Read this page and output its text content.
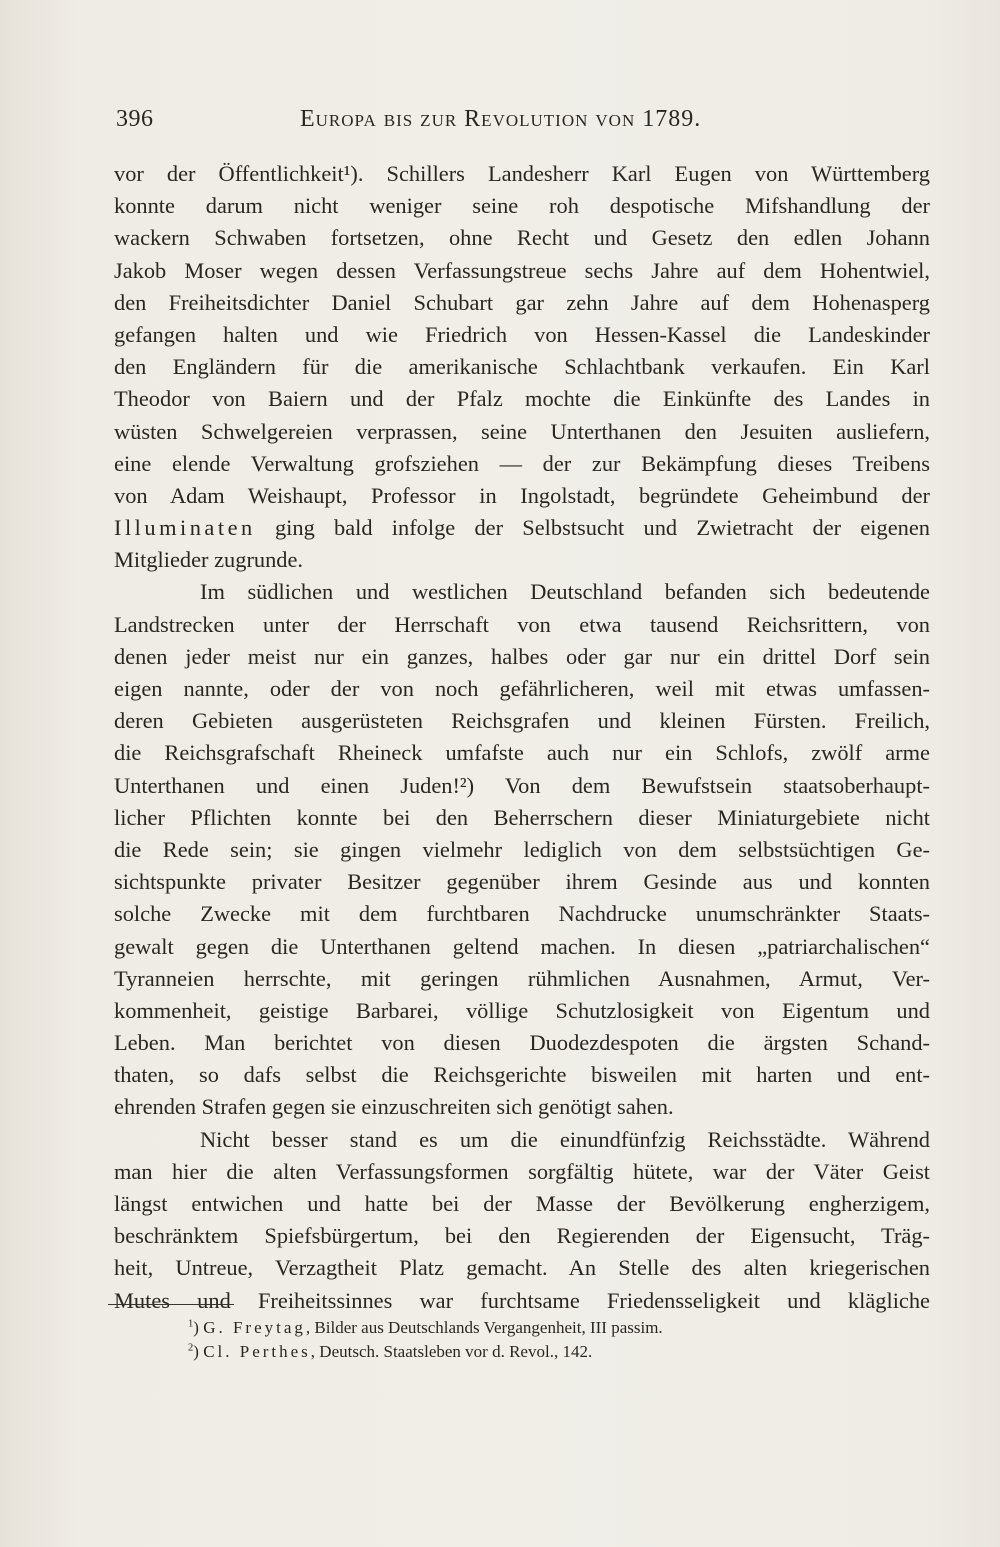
396	Europa bis zur Revolution von 1789.
vor der Öffentlichkeit¹). Schillers Landesherr Karl Eugen von Württemberg
konnte darum nicht weniger seine roh despotische Mifshandlung der
wackern Schwaben fortsetzen, ohne Recht und Gesetz den edlen Johann
Jakob Moser wegen dessen Verfassungstreue sechs Jahre auf dem Hohentwiel,
den Freiheitsdichter Daniel Schubart gar zehn Jahre auf dem Hohenasperg
gefangen halten und wie Friedrich von Hessen-Kassel die Landeskinder
den Engländern für die amerikanische Schlachtbank verkaufen. Ein Karl
Theodor von Baiern und der Pfalz mochte die Einkünfte des Landes in
wüsten Schwelgereien verprassen, seine Unterthanen den Jesuiten ausliefern,
eine elende Verwaltung grofsziehen — der zur Bekämpfung dieses Treibens
von Adam Weishaupt, Professor in Ingolstadt, begründete Geheimbund der
Illuminaten ging bald infolge der Selbstsucht und Zwietracht der eigenen
Mitglieder zugrunde.
Im südlichen und westlichen Deutschland befanden sich bedeutende
Landstrecken unter der Herrschaft von etwa tausend Reichsrittern, von
denen jeder meist nur ein ganzes, halbes oder gar nur ein drittel Dorf sein
eigen nannte, oder der von noch gefährlicheren, weil mit etwas umfassen-
deren Gebieten ausgerüsteten Reichsgrafen und kleinen Fürsten. Freilich,
die Reichsgrafschaft Rheineck umfafste auch nur ein Schlofs, zwölf arme
Unterthanen und einen Juden!²) Von dem Bewufstsein staatsoberhaupt-
licher Pflichten konnte bei den Beherrschern dieser Miniaturgebiete nicht
die Rede sein; sie gingen vielmehr lediglich von dem selbstsüchtigen Ge-
sichtspunkte privater Besitzer gegenüber ihrem Gesinde aus und konnten
solche Zwecke mit dem furchtbaren Nachdrucke unumschränkter Staats-
gewalt gegen die Unterthanen geltend machen. In diesen „patriarchalischen“
Tyranneien herrschte, mit geringen rühmlichen Ausnahmen, Armut, Ver-
kommenheit, geistige Barbarei, völlige Schutzlosigkeit von Eigentum und
Leben. Man berichtet von diesen Duodezdespoten die ärgsten Schand-
thaten, so dafs selbst die Reichsgerichte bisweilen mit harten und ent-
ehrenden Strafen gegen sie einzuschreiten sich genötigt sahen.
Nicht besser stand es um die einundfünfzig Reichsstädte. Während
man hier die alten Verfassungsformen sorgfältig hütete, war der Väter Geist
längst entwichen und hatte bei der Masse der Bevölkerung engherzigem,
beschränktem Spiefsbürgertum, bei den Regierenden der Eigensucht, Träg-
heit, Untreue, Verzagtheit Platz gemacht. An Stelle des alten kriegerischen
Mutes und Freiheitssinnes war furchtsame Friedensseligkeit und klägliche
$^1$) G. Freytag, Bilder aus Deutschlands Vergangenheit, III passim.
$^2$) Cl. Perthes, Deutsch. Staatsleben vor d. Revol., 142.
